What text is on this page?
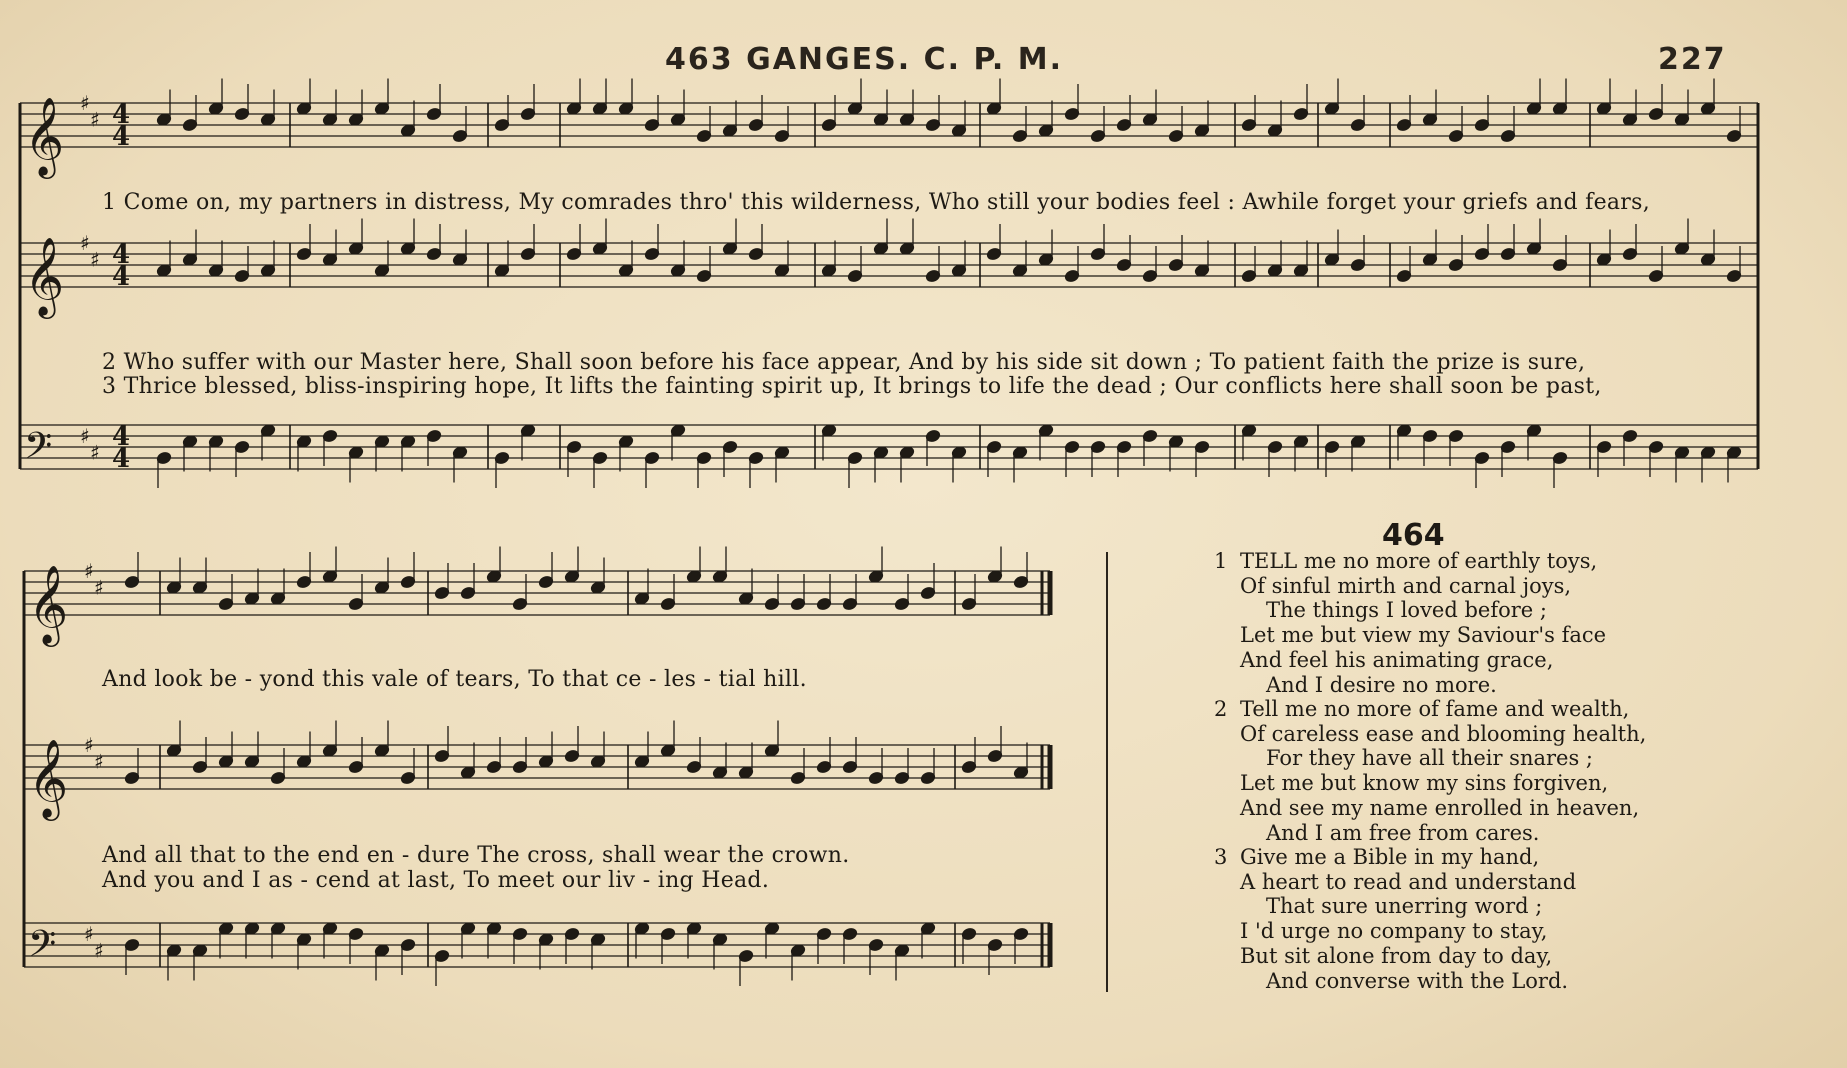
463 GANGES. C. P. M.	227
𝄞 ♯
♯ 4
4
𝄞 ♯
♯ 4
4
𝄢 ♯
♯
4
4
𝄞 ♯
♯
𝄞 ♯
♯
𝄢 ♯
♯
1 Come on, my partners in distress, My comrades thro' this wilderness, Who still your bodies feel : Awhile forget your griefs and fears,
2 Who suffer with our Master here, Shall soon before his face appear, And by his side sit down ; To patient faith the prize is sure,
3 Thrice blessed, bliss-inspiring hope, It lifts the fainting spirit up, It brings to life the dead ; Our conflicts here shall soon be past,
And look be - yond this vale of tears, To that ce - les - tial hill.
And all that to the end en - dure The cross, shall wear the crown.
And you and I as - cend at last, To meet our liv - ing Head.
464
1 TELL me no more of earthly toys,
Of sinful mirth and carnal joys,
The things I loved before ;
Let me but view my Saviour's face
And feel his animating grace,
And I desire no more.
2 Tell me no more of fame and wealth,
Of careless ease and blooming health,
For they have all their snares ;
Let me but know my sins forgiven,
And see my name enrolled in heaven,
And I am free from cares.
3 Give me a Bible in my hand,
A heart to read and understand
That sure unerring word ;
I 'd urge no company to stay,
But sit alone from day to day,
And converse with the Lord.
